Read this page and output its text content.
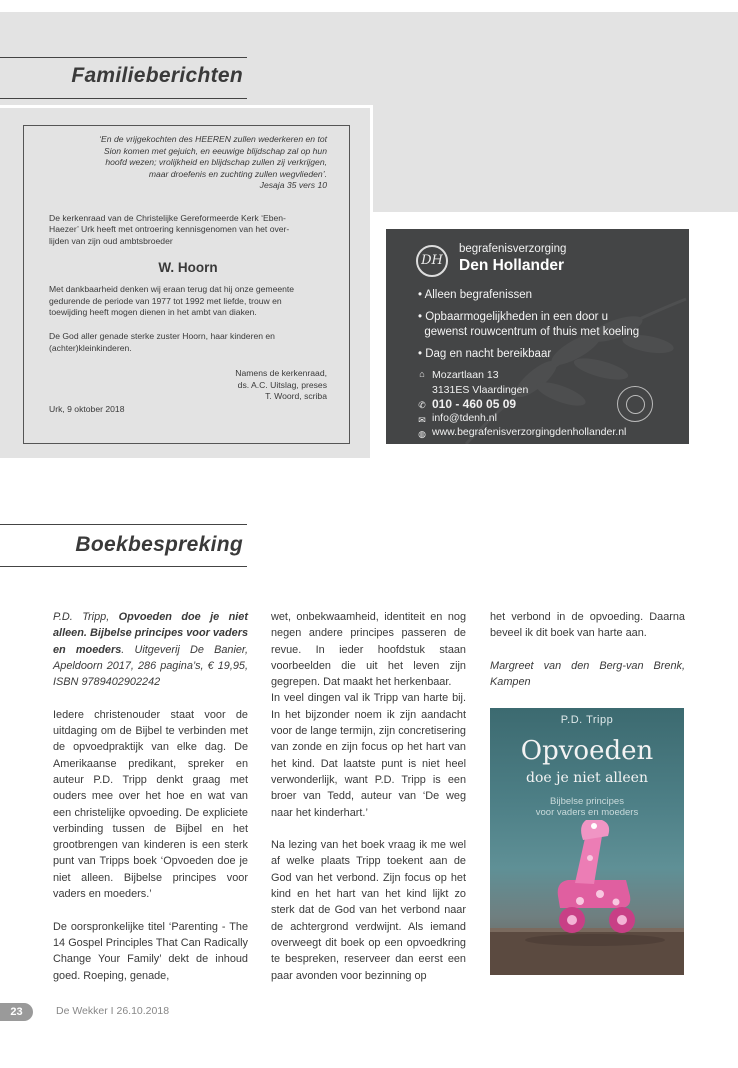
Familieberichten
‘En de vrijgekochten des HEEREN zullen wederkeren en tot
Sion komen met gejuich, en eeuwige blijdschap zal op hun
hoofd wezen; vrolijkheid en blijdschap zullen zij verkrijgen,
maar droefenis en zuchting zullen wegvlieden’.
Jesaja 35 vers 10
De kerkenraad van de Christelijke Gereformeerde Kerk ‘Eben-
Haezer’ Urk heeft met ontroering kennisgenomen van het over-
lijden van zijn oud ambtsbroeder
W. Hoorn
Met dankbaarheid denken wij eraan terug dat hij onze gemeente
gedurende de periode van 1977 tot 1992 met liefde, trouw en
toewijding heeft mogen dienen in het ambt van diaken.
De God aller genade sterke zuster Hoorn, haar kinderen en
(achter)kleinkinderen.
Namens de kerkenraad,
ds. A.C. Uitslag, preses
T. Woord, scriba
Urk, 9 oktober 2018
DH
begrafenisverzorging
Den Hollander
• Alleen begrafenissen
• Opbaarmogelijkheden in een door u
gewenst rouwcentrum of thuis met koeling
• Dag en nacht bereikbaar
⌂ Mozartlaan 13
3131ES Vlaardingen
✆ 010 - 460 05 09
✉ info@tdenh.nl
◍ www.begrafenisverzorgingdenhollander.nl
Boekbespreking

P.D. Tripp, Opvoeden doe je niet alleen. Bijbelse principes voor vaders en moeders. Uitgeverij De Banier, Apeldoorn 2017, 286 pagina’s, € 19,95, ISBN 9789402902242

Iedere christenouder staat voor de uitdaging om de Bijbel te verbinden met de opvoedpraktijk van elke dag. De Amerikaanse predikant, spreker en auteur P.D. Tripp denkt graag met ouders mee over het hoe en wat van een christelijke opvoeding. De expliciete verbinding tussen de Bijbel en het grootbrengen van kinderen is een sterk punt van Tripps boek ‘Opvoeden doe je niet alleen. Bijbelse principes voor vaders en moeders.’

De oorspronkelijke titel ‘Parenting - The 14 Gospel Principles That Can Radically Change Your Family’ dekt de inhoud goed. Roeping, genade,

wet, onbekwaamheid, identiteit en nog negen andere principes passeren de revue. In ieder hoofdstuk staan voorbeelden die uit het leven zijn gegrepen. Dat maakt het herkenbaar.

In veel dingen val ik Tripp van harte bij. In het bijzonder noem ik zijn aandacht voor de lange termijn, zijn concretisering van zonde en zijn focus op het hart van het kind. Dat laatste punt is niet heel verwonderlijk, want P.D. Tripp is een broer van Tedd, auteur van ‘De weg naar het kinderhart.’

Na lezing van het boek vraag ik me wel af welke plaats Tripp toekent aan de God van het verbond. Zijn focus op het kind en het hart van het kind lijkt zo sterk dat de God van het verbond naar de achtergrond verdwijnt. Als iemand overweegt dit boek op een opvoedkring te bespreken, reserveer dan eerst een paar avonden voor bezinning op

het verbond in de opvoeding. Daarna beveel ik dit boek van harte aan.

Margreet van den Berg-van Brenk, Kampen

P.D. Tripp
Opvoeden
doe je niet alleen
Bijbelse principes
voor vaders en moeders
23	De Wekker I 26.10.2018
